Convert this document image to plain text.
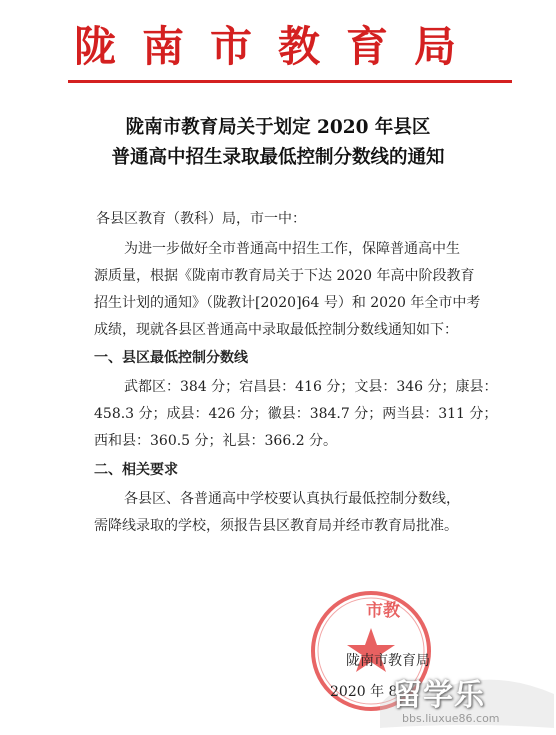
陇南市教育局
陇南市教育局关于划定 2020 年县区
普通高中招生录取最低控制分数线的通知
各县区教育（教科）局，市一中：
为进一步做好全市普通高中招生工作，保障普通高中生
源质量，根据《陇南市教育局关于下达 2020 年高中阶段教育
招生计划的通知》（陇教计[2020]64 号）和 2020 年全市中考
成绩，现就各县区普通高中录取最低控制分数线通知如下：
一、县区最低控制分数线
武都区：384 分；宕昌县：416 分；文县：346 分；康县：
458.3 分；成县：426 分；徽县：384.7 分；两当县：311 分；
西和县：360.5 分；礼县：366.2 分。
二、相关要求
各县区、各普通高中学校要认真执行最低控制分数线，
需降线录取的学校，须报告县区教育局并经市教育局批准。
市教
陇南市教育局
2020 年 8
留学乐
bbs.liuxue86.com
